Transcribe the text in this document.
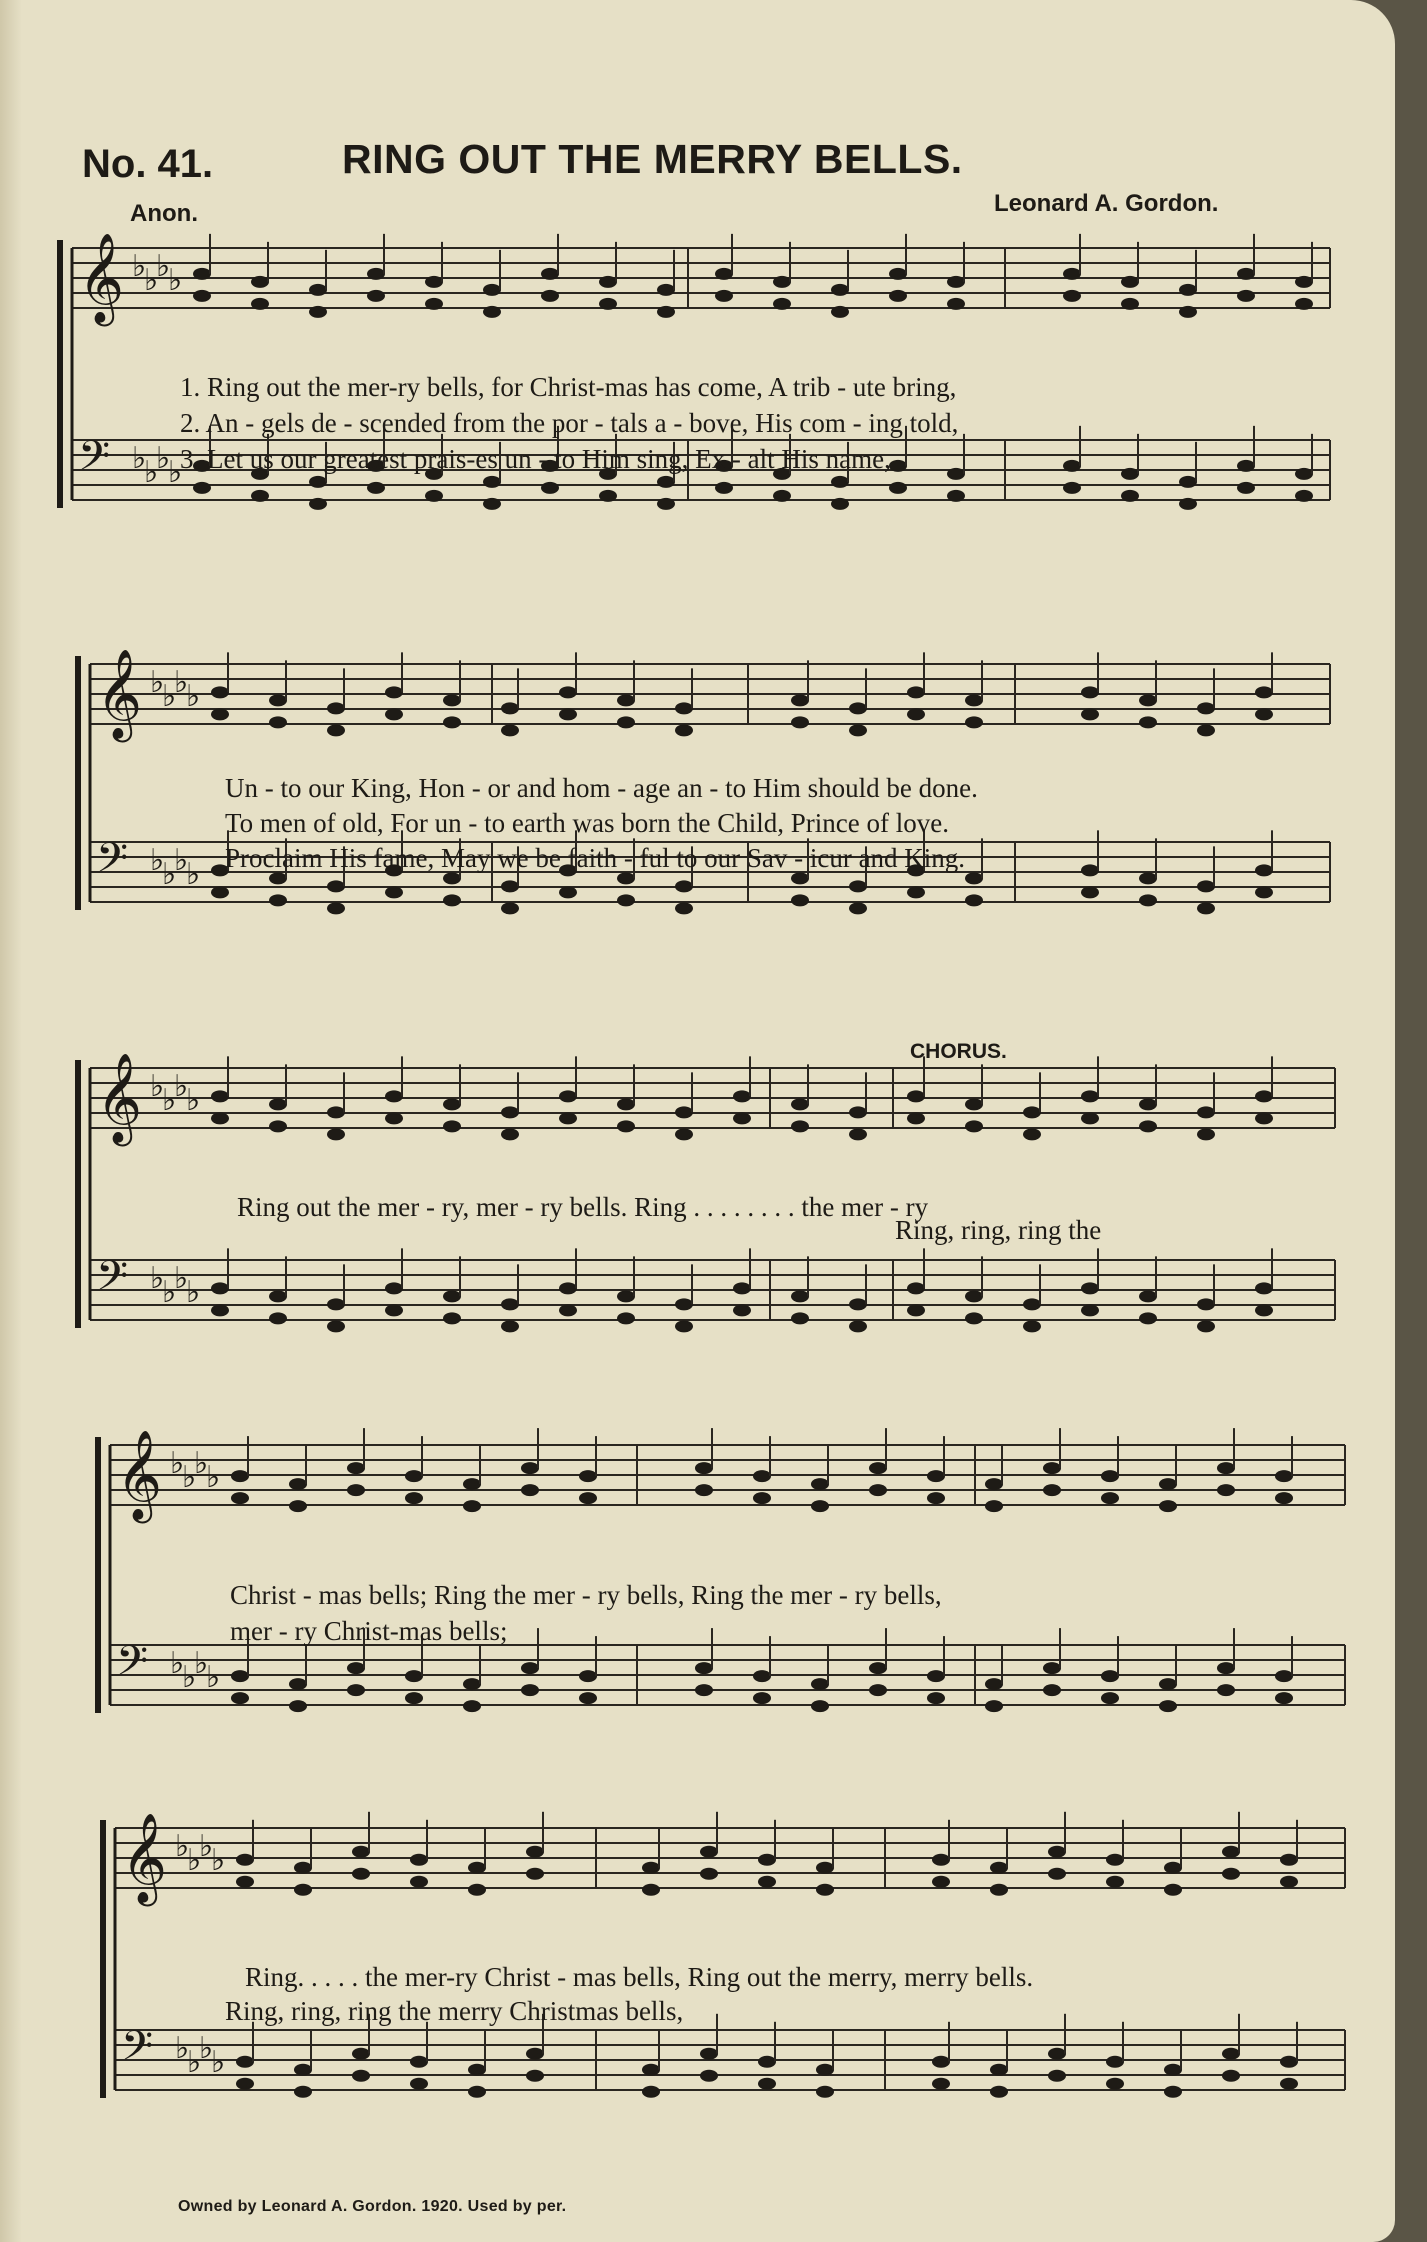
No. 41.	RING OUT THE MERRY BELLS.
Anon.	Leonard A. Gordon.
𝄞 ♭
♭
♭
♭
𝄢 ♭
♭
♭
♭
𝄞 ♭
♭
♭
♭
𝄢 ♭
♭
♭
♭
𝄞 ♭
♭
♭
♭
𝄢 ♭
♭
♭
♭
𝄞 ♭
♭
♭
♭
𝄢 ♭
♭
♭
♭
𝄞 ♭
♭
♭
♭
𝄢 ♭
♭
♭
♭
1. Ring out the mer-ry bells, for Christ-mas has come, A trib - ute bring,
2. An - gels de - scended from the por - tals a - bove, His com - ing told,
3. Let us our greatest prais-es un - to Him sing, Ex - alt His name,
Un - to our King, Hon - or and hom - age an - to Him should be done.
To men of old, For un - to earth was born the Child, Prince of love.
Proclaim His fame, May we be faith - ful to our Sav - icur and King.
CHORUS.
Ring out the mer - ry, mer - ry bells. Ring . . . . . . . . the mer - ry
Ring, ring, ring the
Christ - mas bells; Ring the mer - ry bells, Ring the mer - ry bells,
mer - ry Christ-mas bells;
Ring. . . . . the mer-ry Christ - mas bells, Ring out the merry, merry bells.
Ring, ring, ring the merry Christmas bells,
Owned by Leonard A. Gordon. 1920. Used by per.
